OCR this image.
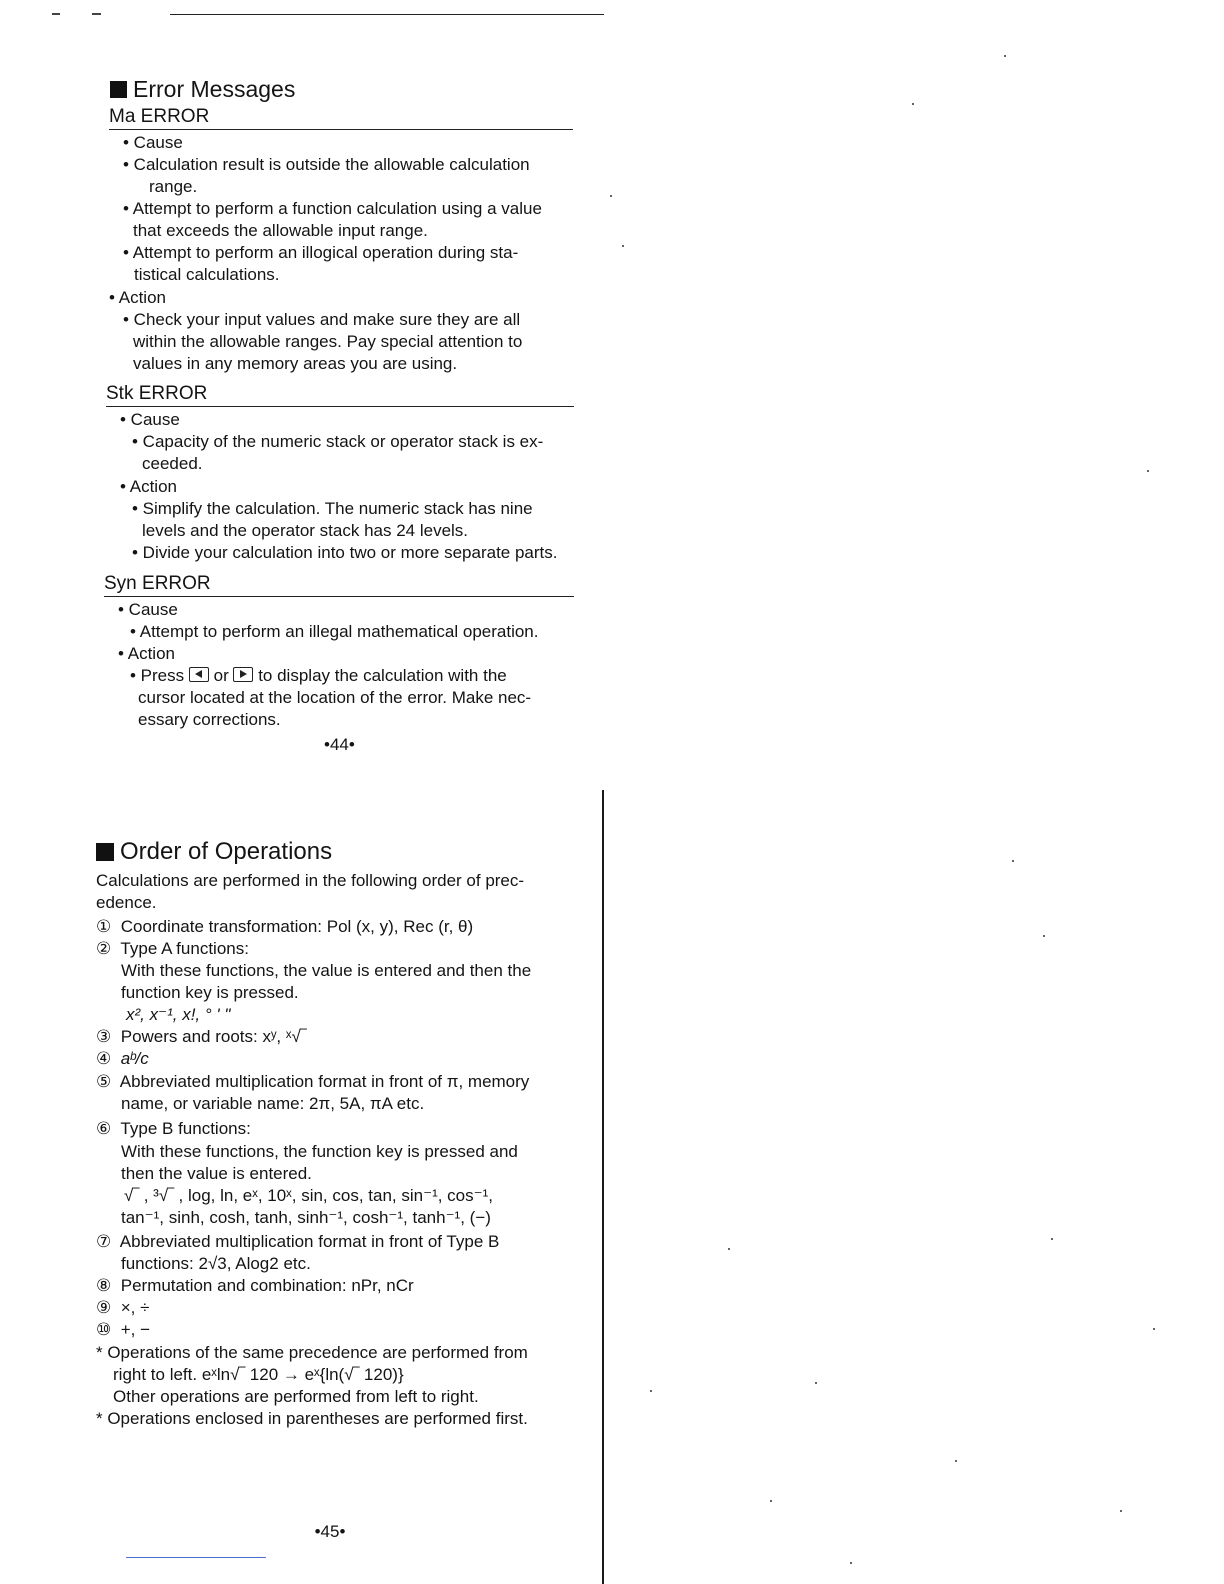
Error Messages
Ma ERROR
• Cause
• Calculation result is outside the allowable calculation
range.
• Attempt to perform a function calculation using a value
that exceeds the allowable input range.
• Attempt to perform an illogical operation during sta-
tistical calculations.
• Action
• Check your input values and make sure they are all
within the allowable ranges. Pay special attention to
values in any memory areas you are using.
Stk ERROR
• Cause
• Capacity of the numeric stack or operator stack is ex-
ceeded.
• Action
• Simplify the calculation. The numeric stack has nine
levels and the operator stack has 24 levels.
• Divide your calculation into two or more separate parts.
Syn ERROR
• Cause
• Attempt to perform an illegal mathematical operation.
• Action
• Press or to display the calculation with the
cursor located at the location of the error. Make nec-
essary corrections.
•44•
Order of Operations
Calculations are performed in the following order of prec-
edence.
① Coordinate transformation: Pol (x, y), Rec (r, θ)
② Type A functions:
With these functions, the value is entered and then the
function key is pressed.
x², x⁻¹, x!, ° ' "
③ Powers and roots: xʸ, ˣ√‾
④ aᵇ/c
⑤ Abbreviated multiplication format in front of π, memory
name, or variable name: 2π, 5A, πA etc.
⑥ Type B functions:
With these functions, the function key is pressed and
then the value is entered.
√‾ , ³√‾ , log, ln, eˣ, 10ˣ, sin, cos, tan, sin⁻¹, cos⁻¹,
tan⁻¹, sinh, cosh, tanh, sinh⁻¹, cosh⁻¹, tanh⁻¹, (−)
⑦ Abbreviated multiplication format in front of Type B
functions: 2√3, Alog2 etc.
⑧ Permutation and combination: nPr, nCr
⑨ ×, ÷
⑩ +, −
* Operations of the same precedence are performed from
right to left. eˣln√‾ 120 → eˣ{ln(√‾ 120)}
Other operations are performed from left to right.
* Operations enclosed in parentheses are performed first.
•45•
